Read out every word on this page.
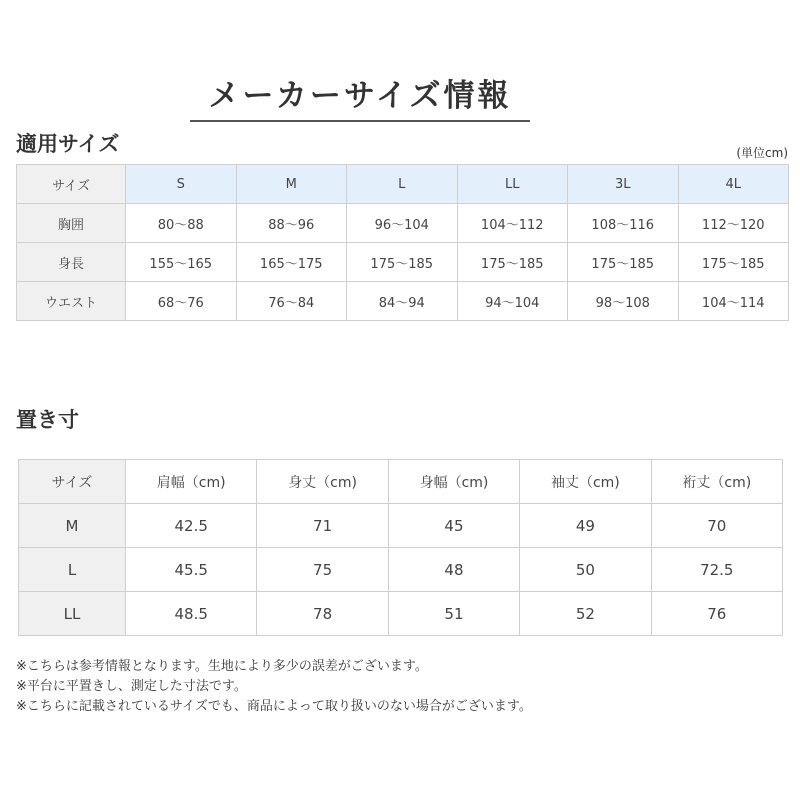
メーカーサイズ情報
適用サイズ	(単位cm)
サイズ	S	M	L	LL	3L	4L
胸囲	80～88	88～96	96～104	104～112	108～116	112～120
身長	155～165	165～175	175～185	175～185	175～185	175～185
ウエスト	68～76	76～84	84～94	94～104	98～108	104～114
置き寸
サイズ	肩幅（cm)	身丈（cm)	身幅（cm)	袖丈（cm)	裄丈（cm)
M	42.5	71	45	49	70
L	45.5	75	48	50	72.5
LL	48.5	78	51	52	76
※こちらは参考情報となります。生地により多少の誤差がございます。
※平台に平置きし、測定した寸法です。
※こちらに記載されているサイズでも、商品によって取り扱いのない場合がございます。
